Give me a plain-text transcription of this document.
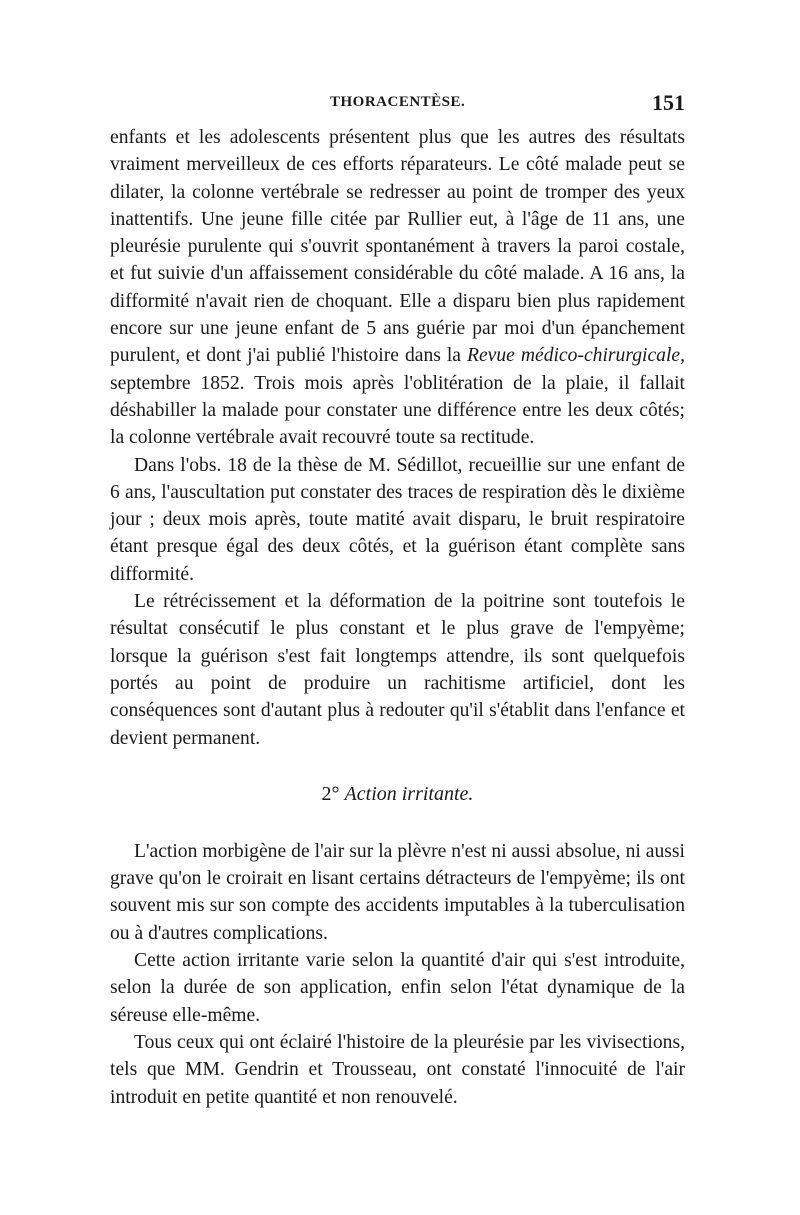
THORACENTÈSE.	151

enfants et les adolescents présentent plus que les autres des résultats vraiment merveilleux de ces efforts réparateurs. Le côté malade peut se dilater, la colonne vertébrale se redresser au point de tromper des yeux inattentifs. Une jeune fille citée par Rullier eut, à l'âge de 11 ans, une pleurésie purulente qui s'ouvrit spontanément à travers la paroi costale, et fut suivie d'un affaissement considérable du côté malade. A 16 ans, la difformité n'avait rien de choquant. Elle a disparu bien plus rapidement encore sur une jeune enfant de 5 ans guérie par moi d'un épanchement purulent, et dont j'ai publié l'histoire dans la Revue médico-chirurgicale, septembre 1852. Trois mois après l'oblitération de la plaie, il fallait déshabiller la malade pour constater une différence entre les deux côtés; la colonne vertébrale avait recouvré toute sa rectitude.

Dans l'obs. 18 de la thèse de M. Sédillot, recueillie sur une enfant de 6 ans, l'auscultation put constater des traces de respiration dès le dixième jour ; deux mois après, toute matité avait disparu, le bruit respiratoire étant presque égal des deux côtés, et la guérison étant complète sans difformité.

Le rétrécissement et la déformation de la poitrine sont toutefois le résultat consécutif le plus constant et le plus grave de l'empyème; lorsque la guérison s'est fait longtemps attendre, ils sont quelquefois portés au point de produire un rachitisme artificiel, dont les conséquences sont d'autant plus à redouter qu'il s'établit dans l'enfance et devient permanent.

2° Action irritante.

L'action morbigène de l'air sur la plèvre n'est ni aussi absolue, ni aussi grave qu'on le croirait en lisant certains détracteurs de l'empyème; ils ont souvent mis sur son compte des accidents imputables à la tuberculisation ou à d'autres complications.

Cette action irritante varie selon la quantité d'air qui s'est introduite, selon la durée de son application, enfin selon l'état dynamique de la séreuse elle-même.

Tous ceux qui ont éclairé l'histoire de la pleurésie par les vivisections, tels que MM. Gendrin et Trousseau, ont constaté l'innocuité de l'air introduit en petite quantité et non renouvelé.
